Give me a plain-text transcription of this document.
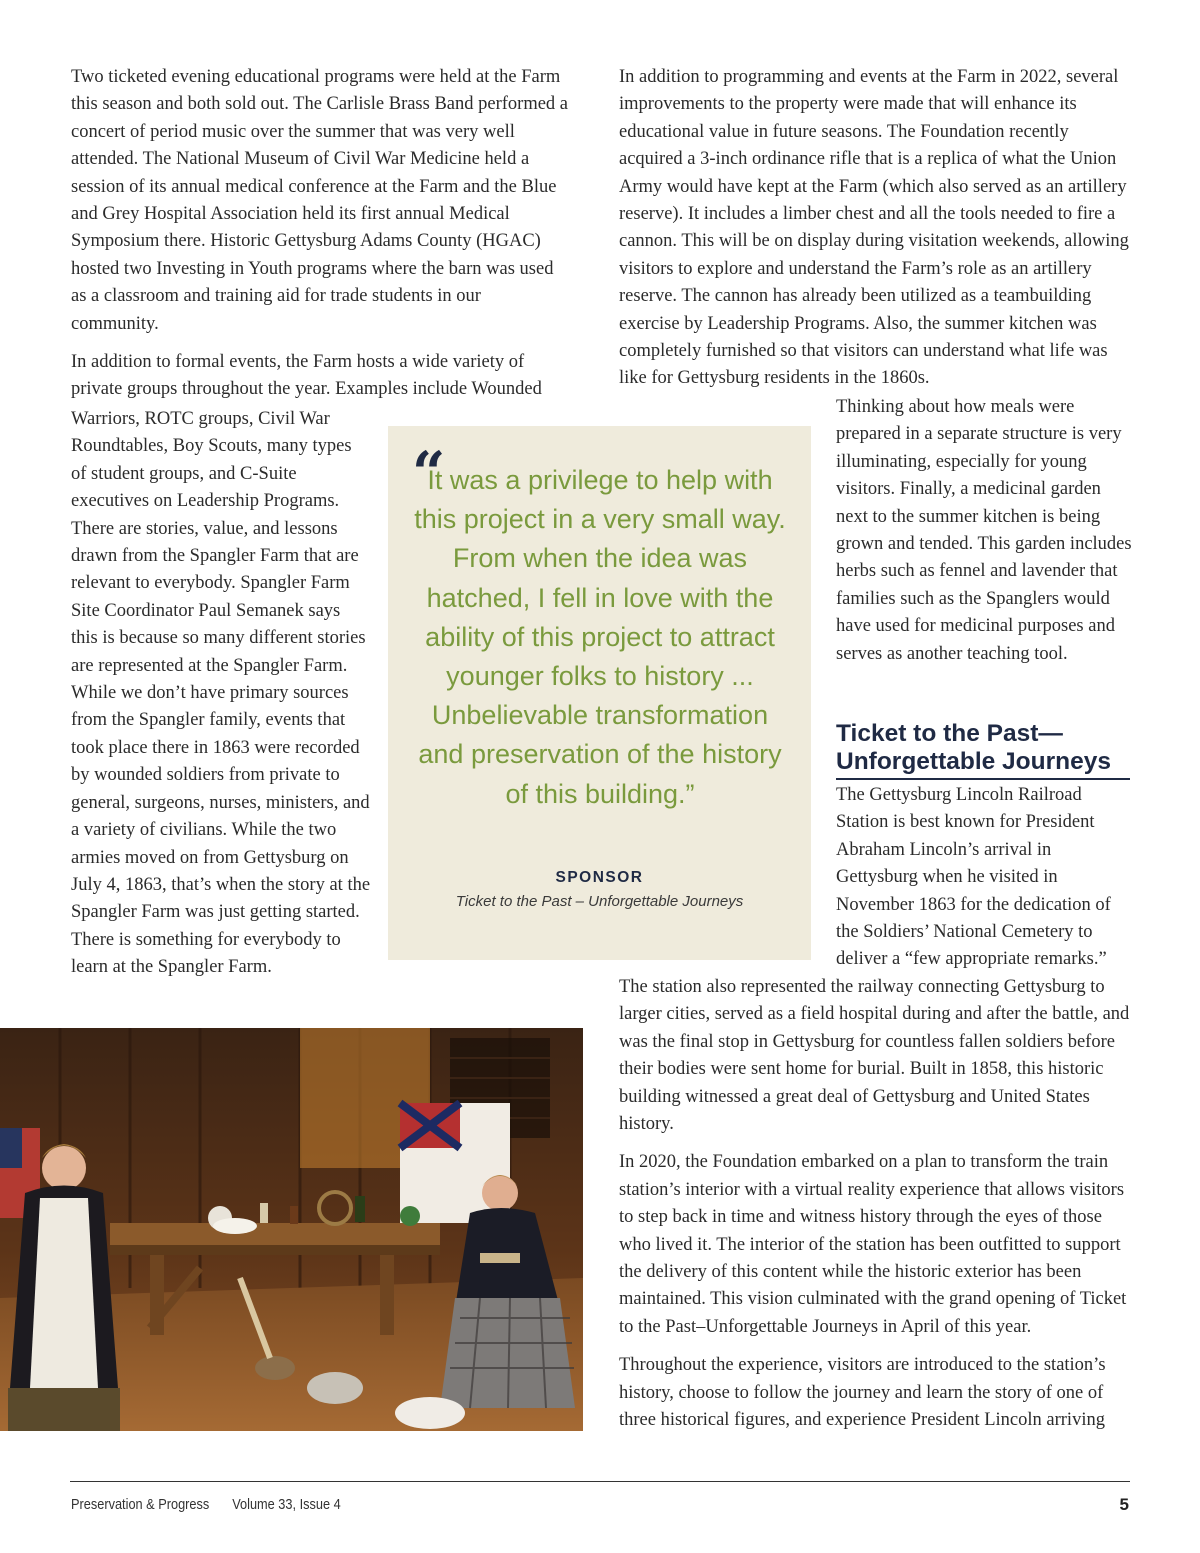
Two ticketed evening educational programs were held at the Farm this season and both sold out. The Carlisle Brass Band performed a concert of period music over the summer that was very well attended. The National Museum of Civil War Medicine held a session of its annual medical conference at the Farm and the Blue and Grey Hospital Association held its first annual Medical Symposium there. Historic Gettysburg Adams County (HGAC) hosted two Investing in Youth programs where the barn was used as a classroom and training aid for trade students in our community.

In addition to formal events, the Farm hosts a wide variety of private groups throughout the year. Examples include Wounded

Warriors, ROTC groups, Civil War Roundtables, Boy Scouts, many types of student groups, and C-Suite executives on Leadership Programs. There are stories, value, and lessons drawn from the Spangler Farm that are relevant to everybody. Spangler Farm Site Coordinator Paul Semanek says this is because so many different stories are represented at the Spangler Farm. While we don’t have primary sources from the Spangler family, events that took place there in 1863 were recorded by wounded soldiers from private to general, surgeons, nurses, ministers, and a variety of civilians. While the two armies moved on from Gettysburg on July 4, 1863, that’s when the story at the Spangler Farm was just getting started. There is something for everybody to learn at the Spangler Farm.

In addition to programming and events at the Farm in 2022, several improvements to the property were made that will enhance its educational value in future seasons. The Foundation recently acquired a 3-inch ordinance rifle that is a replica of what the Union Army would have kept at the Farm (which also served as an artillery reserve). It includes a limber chest and all the tools needed to fire a cannon. This will be on display during visitation weekends, allowing visitors to explore and understand the Farm’s role as an artillery reserve. The cannon has already been utilized as a teambuilding exercise by Leadership Programs. Also, the summer kitchen was completely furnished so that visitors can understand what life was like for Gettysburg residents in the 1860s.

Thinking about how meals were prepared in a separate structure is very illuminating, especially for young visitors. Finally, a medicinal garden next to the summer kitchen is being grown and tended. This garden includes herbs such as fennel and lavender that families such as the Spanglers would have used for medicinal purposes and serves as another teaching tool.

Ticket to the Past— Unforgettable Journeys

The Gettysburg Lincoln Railroad Station is best known for President Abraham Lincoln’s arrival in Gettysburg when he visited in November 1863 for the dedication of the Soldiers’ National Cemetery to deliver a “few appropriate remarks.”

The station also represented the railway connecting Gettysburg to larger cities, served as a field hospital during and after the battle, and was the final stop in Gettysburg for countless fallen soldiers before their bodies were sent home for burial. Built in 1858, this historic building witnessed a great deal of Gettysburg and United States history.

In 2020, the Foundation embarked on a plan to transform the train station’s interior with a virtual reality experience that allows visitors to step back in time and witness history through the eyes of those who lived it. The interior of the station has been outfitted to support the delivery of this content while the historic exterior has been maintained. This vision culminated with the grand opening of Ticket to the Past–Unforgettable Journeys in April of this year.

Throughout the experience, visitors are introduced to the station’s history, choose to follow the journey and learn the story of one of three historical figures, and experience President Lincoln arriving

“
It was a privilege to help with this project in a very small way. From when the idea was hatched, I fell in love with the ability of this project to attract younger folks to history ... Unbelievable transformation and preservation of the history of this building.”
SPONSOR
Ticket to the Past – Unforgettable Journeys
Preservation & Progress Volume 33, Issue 4	5
